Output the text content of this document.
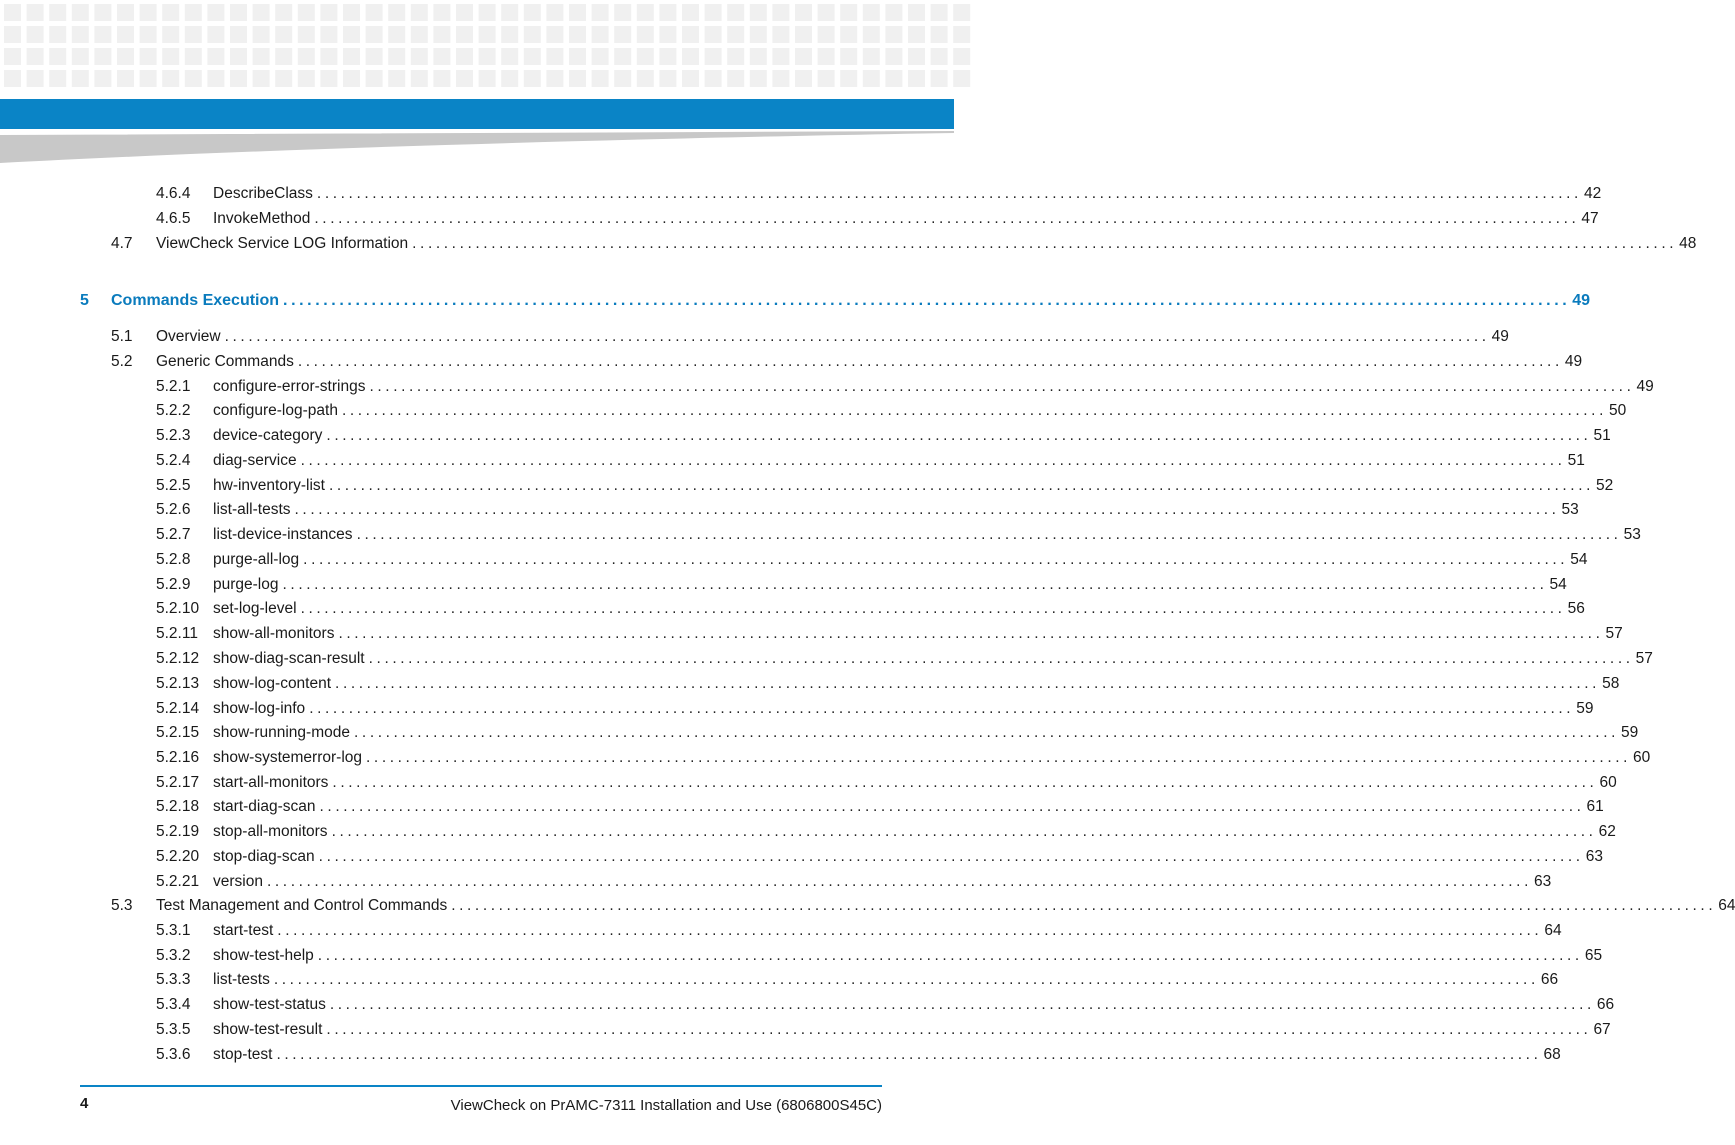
4.6.4 DescribeClass ................................................................................................................................................................ 42
4.6.5 InvokeMethod ................................................................................................................................................................ 47
4.7 ViewCheck Service LOG Information ................................................................................................................................................................ 48
5 Commands Execution ................................................................................................................................................................ 49
5.1 Overview ................................................................................................................................................................ 49
5.2 Generic Commands ................................................................................................................................................................ 49
5.2.1 configure-error-strings ................................................................................................................................................................ 49
5.2.2 configure-log-path ................................................................................................................................................................ 50
5.2.3 device-category ................................................................................................................................................................ 51
5.2.4 diag-service ................................................................................................................................................................ 51
5.2.5 hw-inventory-list ................................................................................................................................................................ 52
5.2.6 list-all-tests ................................................................................................................................................................ 53
5.2.7 list-device-instances ................................................................................................................................................................ 53
5.2.8 purge-all-log ................................................................................................................................................................ 54
5.2.9 purge-log ................................................................................................................................................................ 54
5.2.10 set-log-level ................................................................................................................................................................ 56
5.2.11 show-all-monitors ................................................................................................................................................................ 57
5.2.12 show-diag-scan-result ................................................................................................................................................................ 57
5.2.13 show-log-content ................................................................................................................................................................ 58
5.2.14 show-log-info ................................................................................................................................................................ 59
5.2.15 show-running-mode ................................................................................................................................................................ 59
5.2.16 show-systemerror-log ................................................................................................................................................................ 60
5.2.17 start-all-monitors ................................................................................................................................................................ 60
5.2.18 start-diag-scan ................................................................................................................................................................ 61
5.2.19 stop-all-monitors ................................................................................................................................................................ 62
5.2.20 stop-diag-scan ................................................................................................................................................................ 63
5.2.21 version ................................................................................................................................................................ 63
5.3 Test Management and Control Commands ................................................................................................................................................................ 64
5.3.1 start-test ................................................................................................................................................................ 64
5.3.2 show-test-help ................................................................................................................................................................ 65
5.3.3 list-tests ................................................................................................................................................................ 66
5.3.4 show-test-status ................................................................................................................................................................ 66
5.3.5 show-test-result ................................................................................................................................................................ 67
5.3.6 stop-test ................................................................................................................................................................ 68
4	ViewCheck on PrAMC-7311 Installation and Use (6806800S45C)
